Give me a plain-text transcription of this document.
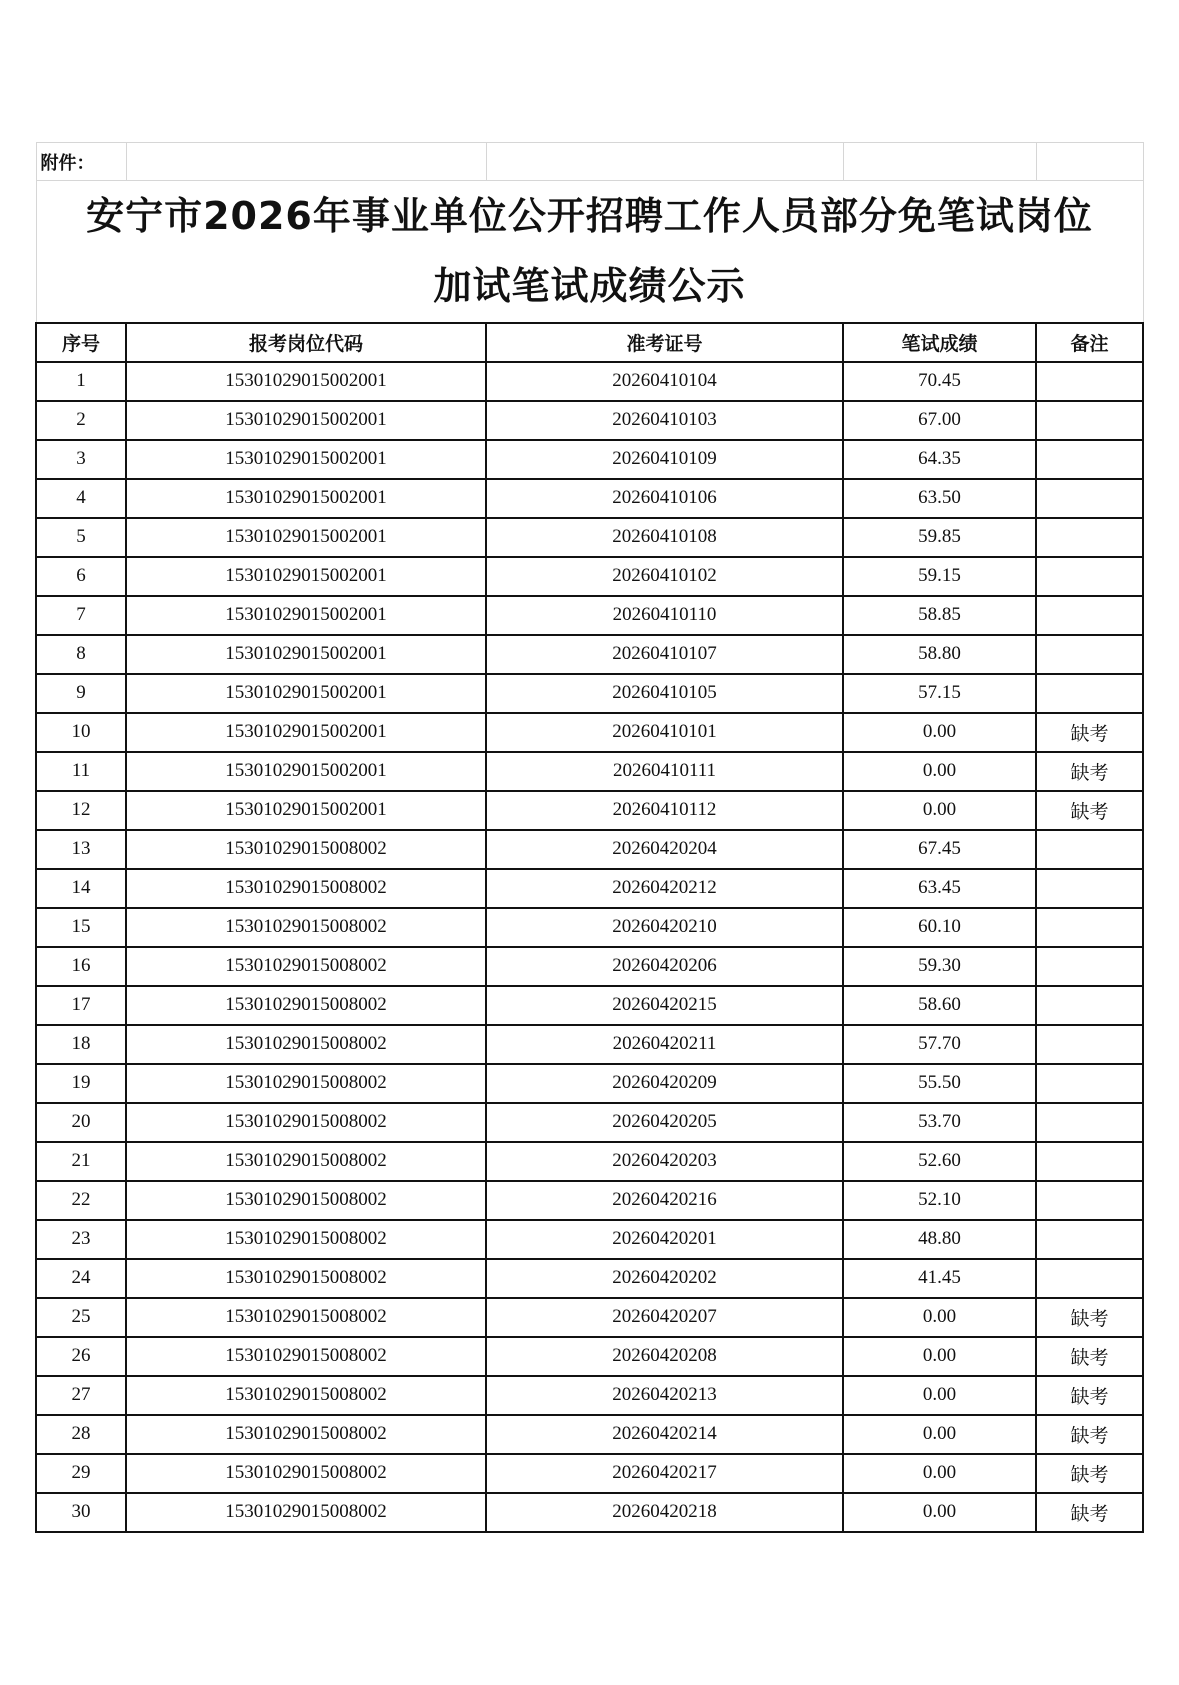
附件：				

安宁市2026年事业单位公开招聘工作人员部分免笔试岗位
加试笔试成绩公示				

序号	报考岗位代码	准考证号	笔试成绩	备注
1	15301029015002001	20260410104	70.45	
2	15301029015002001	20260410103	67.00	
3	15301029015002001	20260410109	64.35	
4	15301029015002001	20260410106	63.50	
5	15301029015002001	20260410108	59.85	
6	15301029015002001	20260410102	59.15	
7	15301029015002001	20260410110	58.85	
8	15301029015002001	20260410107	58.80	
9	15301029015002001	20260410105	57.15	
10	15301029015002001	20260410101	0.00	缺考
11	15301029015002001	20260410111	0.00	缺考
12	15301029015002001	20260410112	0.00	缺考
13	15301029015008002	20260420204	67.45	
14	15301029015008002	20260420212	63.45	
15	15301029015008002	20260420210	60.10	
16	15301029015008002	20260420206	59.30	
17	15301029015008002	20260420215	58.60	
18	15301029015008002	20260420211	57.70	
19	15301029015008002	20260420209	55.50	
20	15301029015008002	20260420205	53.70	
21	15301029015008002	20260420203	52.60	
22	15301029015008002	20260420216	52.10	
23	15301029015008002	20260420201	48.80	
24	15301029015008002	20260420202	41.45	
25	15301029015008002	20260420207	0.00	缺考
26	15301029015008002	20260420208	0.00	缺考
27	15301029015008002	20260420213	0.00	缺考
28	15301029015008002	20260420214	0.00	缺考
29	15301029015008002	20260420217	0.00	缺考
30	15301029015008002	20260420218	0.00	缺考
